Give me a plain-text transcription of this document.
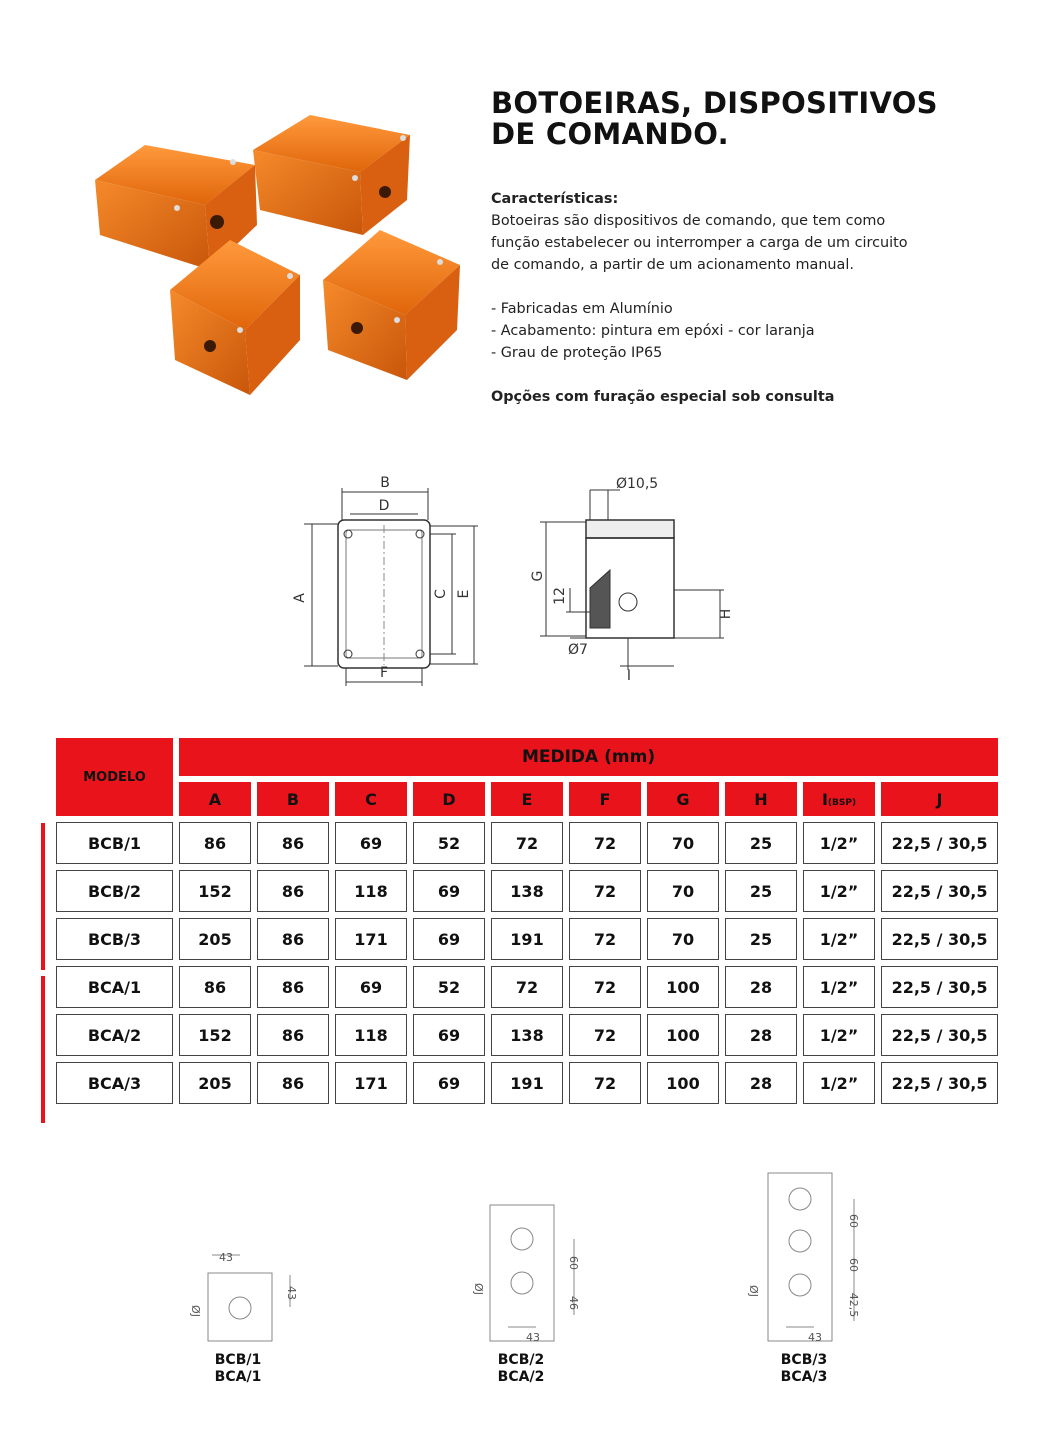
BOTOEIRAS, DISPOSITIVOS
DE COMANDO.
Características:
Botoeiras são dispositivos de comando, que tem como
função estabelecer ou interromper a carga de um circuito
de comando, a partir de um acionamento manual.
- Fabricadas em Alumínio
- Acabamento: pintura em epóxi - cor laranja
- Grau de proteção IP65
Opções com furação especial sob consulta
B
D
F
A	C E
Ø10,5
G
12
Ø7
H
I
MODELO	MEDIDA (mm)									
	A	B	C	D	E	F	G	H	I(BSP)	J
BCB/1	86	86	69	52	72	72	70	25	1/2”	22,5 / 30,5
BCB/2	152	86	118	69	138	72	70	25	1/2”	22,5 / 30,5
BCB/3	205	86	171	69	191	72	70	25	1/2”	22,5 / 30,5
BCA/1	86	86	69	52	72	72	100	28	1/2”	22,5 / 30,5
BCA/2	152	86	118	69	138	72	100	28	1/2”	22,5 / 30,5
BCA/3	205	86	171	69	191	72	100	28	1/2”	22,5 / 30,5
43
43
ØJ
60
46
43
ØJ
60
60
42,5
43
ØJ
BCB/1
BCA/1
BCB/2
BCA/2
BCB/3
BCA/3
